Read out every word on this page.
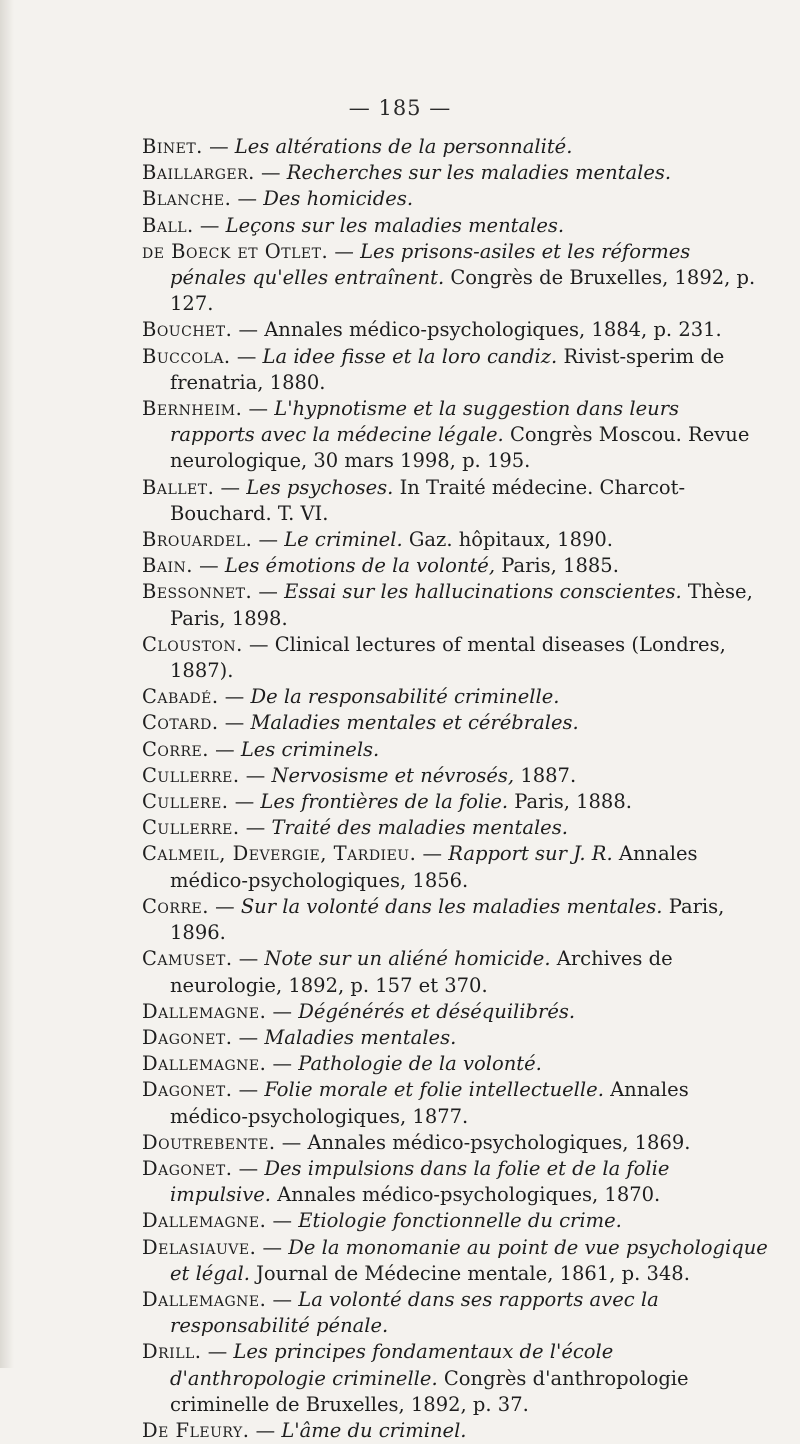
— 185 —

Binet. — Les altérations de la personnalité.

Baillarger. — Recherches sur les maladies mentales.

Blanche. — Des homicides.

Ball. — Leçons sur les maladies mentales.

de Boeck et Otlet. — Les prisons-asiles et les réformes pénales qu'elles entraînent. Congrès de Bruxelles, 1892, p. 127.

Bouchet. — Annales médico-psychologiques, 1884, p. 231.

Buccola. — La idee fisse et la loro candiz. Rivist-sperim de frenatria, 1880.

Bernheim. — L'hypnotisme et la suggestion dans leurs rapports avec la médecine légale. Congrès Moscou. Revue neurologique, 30 mars 1998, p. 195.

Ballet. — Les psychoses. In Traité médecine. Charcot-Bouchard. T. VI.

Brouardel. — Le criminel. Gaz. hôpitaux, 1890.

Bain. — Les émotions de la volonté, Paris, 1885.

Bessonnet. — Essai sur les hallucinations conscientes. Thèse, Paris, 1898.

Clouston. — Clinical lectures of mental diseases (Londres, 1887).

Cabadé. — De la responsabilité criminelle.

Cotard. — Maladies mentales et cérébrales.

Corre. — Les criminels.

Cullerre. — Nervosisme et névrosés, 1887.

Cullere. — Les frontières de la folie. Paris, 1888.

Cullerre. — Traité des maladies mentales.

Calmeil, Devergie, Tardieu. — Rapport sur J. R. Annales médico-psychologiques, 1856.

Corre. — Sur la volonté dans les maladies mentales. Paris, 1896.

Camuset. — Note sur un aliéné homicide. Archives de neurologie, 1892, p. 157 et 370.

Dallemagne. — Dégénérés et déséquilibrés.

Dagonet. — Maladies mentales.

Dallemagne. — Pathologie de la volonté.

Dagonet. — Folie morale et folie intellectuelle. Annales médico-psychologiques, 1877.

Doutrebente. — Annales médico-psychologiques, 1869.

Dagonet. — Des impulsions dans la folie et de la folie impulsive. Annales médico-psychologiques, 1870.

Dallemagne. — Etiologie fonctionnelle du crime.

Delasiauve. — De la monomanie au point de vue psychologique et légal. Journal de Médecine mentale, 1861, p. 348.

Dallemagne. — La volonté dans ses rapports avec la responsabilité pénale.

Drill. — Les principes fondamentaux de l'école d'anthropologie criminelle. Congrès d'anthropologie criminelle de Bruxelles, 1892, p. 37.

De Fleury. — L'âme du criminel.
